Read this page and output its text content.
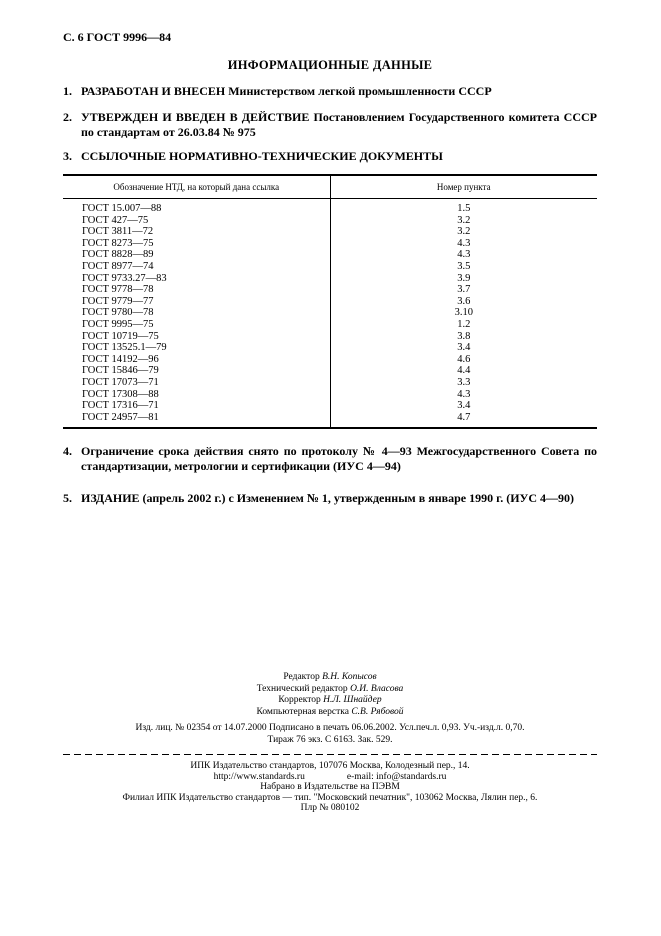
С. 6 ГОСТ 9996—84
ИНФОРМАЦИОННЫЕ ДАННЫЕ
1. РАЗРАБОТАН И ВНЕСЕН Министерством легкой промышленности СССР
2. УТВЕРЖДЕН И ВВЕДЕН В ДЕЙСТВИЕ Постановлением Государственного комитета СССР по стандартам от 26.03.84 № 975
3. ССЫЛОЧНЫЕ НОРМАТИВНО-ТЕХНИЧЕСКИЕ ДОКУМЕНТЫ
Обозначение НТД, на который дана ссылка	Номер пункта
ГОСТ 15.007—88	1.5
ГОСТ 427—75	3.2
ГОСТ 3811—72	3.2
ГОСТ 8273—75	4.3
ГОСТ 8828—89	4.3
ГОСТ 8977—74	3.5
ГОСТ 9733.27—83	3.9
ГОСТ 9778—78	3.7
ГОСТ 9779—77	3.6
ГОСТ 9780—78	3.10
ГОСТ 9995—75	1.2
ГОСТ 10719—75	3.8
ГОСТ 13525.1—79	3.4
ГОСТ 14192—96	4.6
ГОСТ 15846—79	4.4
ГОСТ 17073—71	3.3
ГОСТ 17308—88	4.3
ГОСТ 17316—71	3.4
ГОСТ 24957—81	4.7
4. Ограничение срока действия снято по протоколу № 4—93 Межгосударственного Совета по стандартизации, метрологии и сертификации (ИУС 4—94)
5. ИЗДАНИЕ (апрель 2002 г.) с Изменением № 1, утвержденным в январе 1990 г. (ИУС 4—90)
Редактор В.Н. Копысов
Технический редактор О.И. Власова
Корректор Н.Л. Шнайдер
Компьютерная верстка С.В. Рябовой
Изд. лиц. № 02354 от 14.07.2000 Подписано в печать 06.06.2002. Усл.печ.л. 0,93. Уч.-изд.л. 0,70.
Тираж 76 экз. С 6163. Зак. 529.
ИПК Издательство стандартов, 107076 Москва, Колодезный пер., 14.
http://www.standards.ru	e-mail: info@standards.ru
Набрано в Издательстве на ПЭВМ
Филиал ИПК Издательство стандартов — тип. "Московский печатник", 103062 Москва, Лялин пер., 6.
Плр № 080102
